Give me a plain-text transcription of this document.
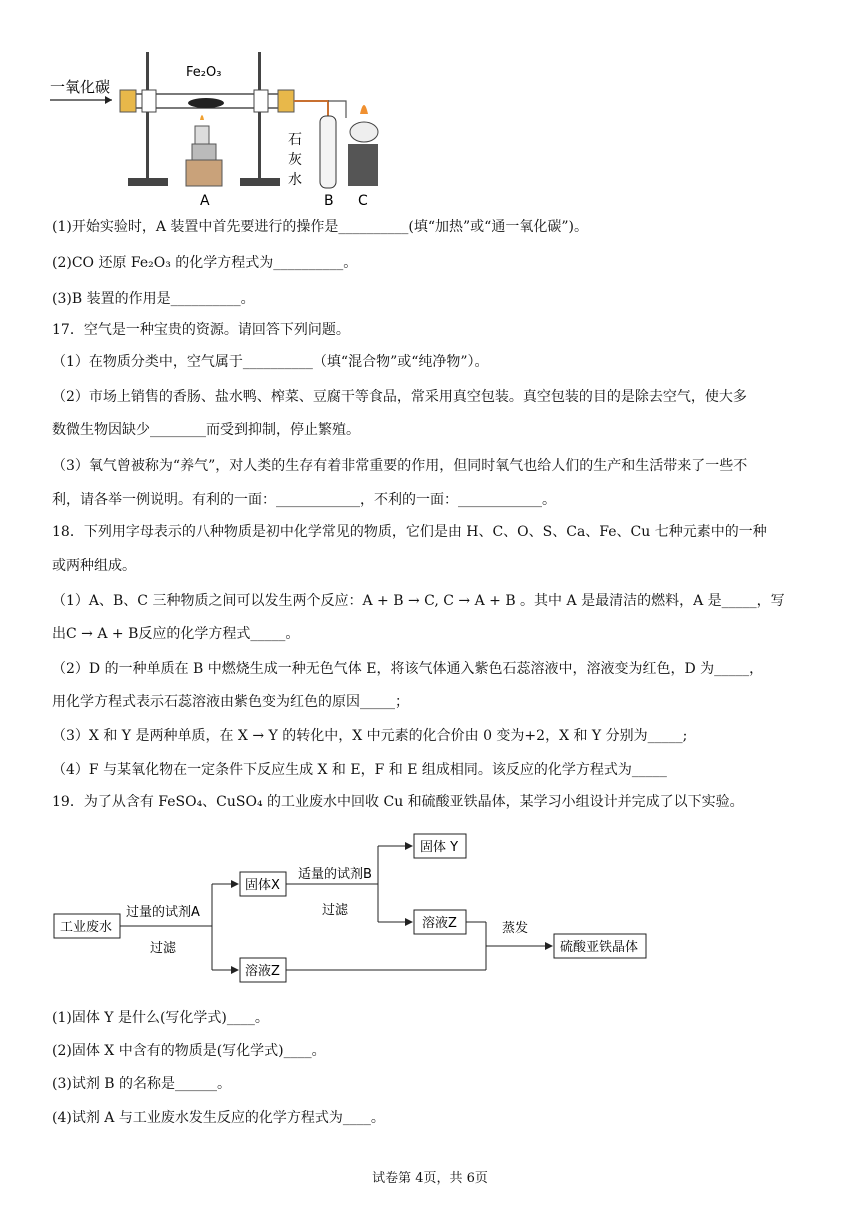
一氧化碳
Fe₂O₃
A
石
灰
水
B C
(1)开始实验时，A 装置中首先要进行的操作是__________(填“加热”或“通一氧化碳”)。
(2)CO 还原 Fe₂O₃ 的化学方程式为__________。
(3)B 装置的作用是__________。
17．空气是一种宝贵的资源。请回答下列问题。
（1）在物质分类中，空气属于__________（填“混合物”或“纯净物”）。
（2）市场上销售的香肠、盐水鸭、榨菜、豆腐干等食品，常采用真空包装。真空包装的目的是除去空气，使大多
数微生物因缺少________而受到抑制，停止繁殖。
（3）氧气曾被称为“养气”，对人类的生存有着非常重要的作用，但同时氧气也给人们的生产和生活带来了一些不
利，请各举一例说明。有利的一面：____________，不利的一面：____________。
18．下列用字母表示的八种物质是初中化学常见的物质，它们是由 H、C、O、S、Ca、Fe、Cu 七种元素中的一种
或两种组成。
（1）A、B、C 三种物质之间可以发生两个反应：A + B → C, C → A + B 。其中 A 是最清洁的燃料，A 是_____，写
出C → A + B反应的化学方程式_____。
（2）D 的一种单质在 B 中燃烧生成一种无色气体 E，将该气体通入紫色石蕊溶液中，溶液变为红色，D 为_____，
用化学方程式表示石蕊溶液由紫色变为红色的原因_____；
（3）X 和 Y 是两种单质，在 X → Y 的转化中，X 中元素的化合价由 0 变为+2，X 和 Y 分别为_____;
（4）F 与某氧化物在一定条件下反应生成 X 和 E，F 和 E 组成相同。该反应的化学方程式为_____
19．为了从含有 FeSO₄、CuSO₄ 的工业废水中回收 Cu 和硫酸亚铁晶体，某学习小组设计并完成了以下实验。
工业废水
过量的试剂A
过滤
固体X
溶液Z
适量的试剂B
过滤
固体 Y
溶液Z	蒸发
硫酸亚铁晶体
(1)固体 Y 是什么(写化学式)____。
(2)固体 X 中含有的物质是(写化学式)____。
(3)试剂 B 的名称是______。
(4)试剂 A 与工业废水发生反应的化学方程式为____。
试卷第 4页，共 6页
